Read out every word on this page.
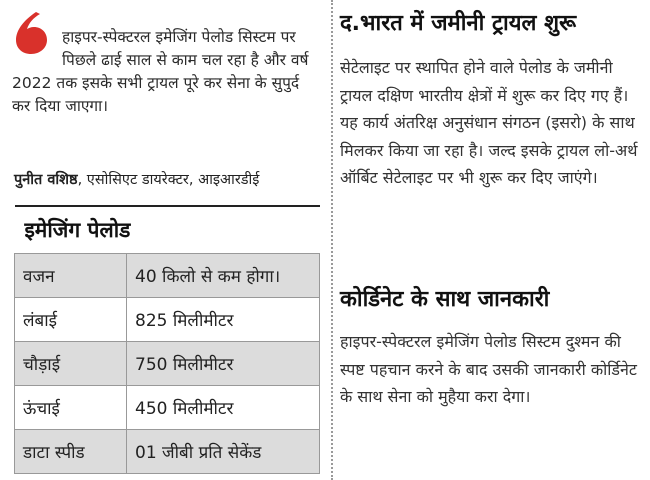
हाइपर-स्पेक्टरल इमेजिंग पेलोड सिस्टम पर पिछले ढाई साल से काम चल रहा है और वर्ष 2022 तक इसके सभी ट्रायल पूरे कर सेना के सुपुर्द कर दिया जाएगा।

पुनीत वशिष्ठ, एसोसिएट डायरेक्टर, आइआरडीई
इमेजिंग पेलोड	
वजन	40 किलो से कम होगा।
लंबाई	825 मिलीमीटर
चौड़ाई	750 मिलीमीटर
ऊंचाई	450 मिलीमीटर
डाटा स्पीड	01 जीबी प्रति सेकेंड
द.भारत में जमीनी ट्रायल शुरू

सेटेलाइट पर स्थापित होने वाले पेलोड के जमीनी ट्रायल दक्षिण भारतीय क्षेत्रों में शुरू कर दिए गए हैं। यह कार्य अंतरिक्ष अनुसंधान संगठन (इसरो) के साथ मिलकर किया जा रहा है। जल्द इसके ट्रायल लो-अर्थ ऑर्बिट सेटेलाइट पर भी शुरू कर दिए जाएंगे।

कोर्डिनेट के साथ जानकारी

हाइपर-स्पेक्टरल इमेजिंग पेलोड सिस्टम दुश्मन की स्पष्ट पहचान करने के बाद उसकी जानकारी कोर्डिनेट के साथ सेना को मुहैया करा देगा।
